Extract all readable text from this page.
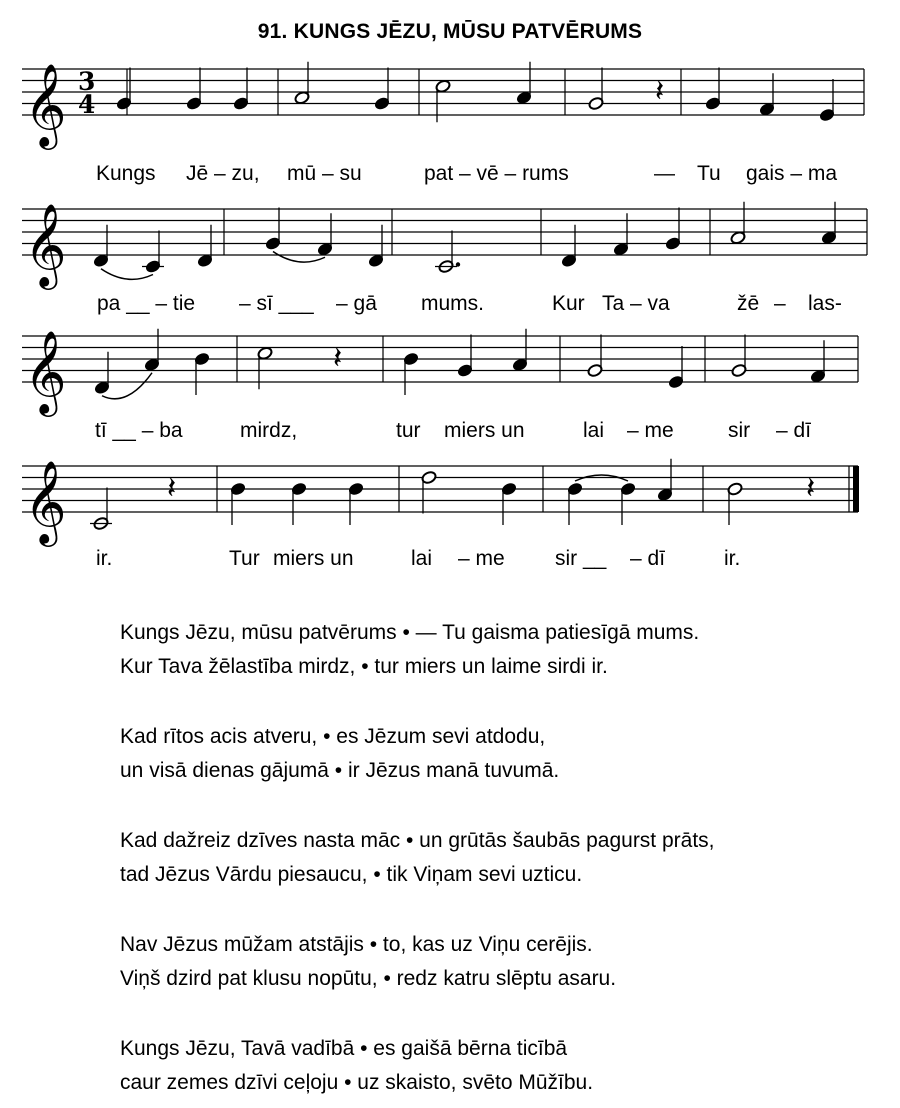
91. KUNGS JĒZU, MŪSU PATVĒRUMS
𝄞 3
4
𝄞
𝄞
𝄞
𝄽
𝄽
𝄽	𝄽
Kungs Jē – zu, mū – su	pat – vē – rums	— Tu gais – ma
pa __ – tie – sī ___ – gā mums.	Kur Ta – va	žē – las-
tī __ – ba	mirdz,	tur miers un	lai – me	sir – dī
ir.	Tur miers un	lai – me sir __ – dī	ir.
Kungs Jēzu, mūsu patvērums • — Tu gaisma patiesīgā mums.
Kur Tava žēlastība mirdz, • tur miers un laime sirdi ir.
Kad rītos acis atveru, • es Jēzum sevi atdodu,
un visā dienas gājumā • ir Jēzus manā tuvumā.
Kad dažreiz dzīves nasta māc • un grūtās šaubās pagurst prāts,
tad Jēzus Vārdu piesaucu, • tik Viņam sevi uzticu.
Nav Jēzus mūžam atstājis • to, kas uz Viņu cerējis.
Viņš dzird pat klusu nopūtu, • redz katru slēptu asaru.
Kungs Jēzu, Tavā vadībā • es gaišā bērna ticībā
caur zemes dzīvi ceļoju • uz skaisto, svēto Mūžību.
